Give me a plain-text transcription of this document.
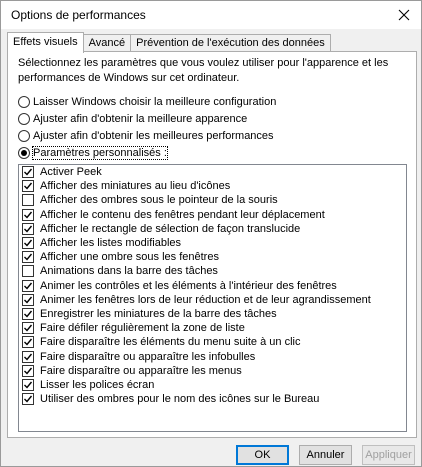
Options de performances
Effets visuels	Avancé	Prévention de l'exécution des données
Sélectionnez les paramètres que vous voulez utiliser pour l'apparence et les performances de Windows sur cet ordinateur.
Laisser Windows choisir la meilleure configuration
Ajuster afin d'obtenir la meilleure apparence
Ajuster afin d'obtenir les meilleures performances
Paramètres personnalisés :
Activer Peek
Afficher des miniatures au lieu d'icônes
Afficher des ombres sous le pointeur de la souris
Afficher le contenu des fenêtres pendant leur déplacement
Afficher le rectangle de sélection de façon translucide
Afficher les listes modifiables
Afficher une ombre sous les fenêtres
Animations dans la barre des tâches
Animer les contrôles et les éléments à l'intérieur des fenêtres
Animer les fenêtres lors de leur réduction et de leur agrandissement
Enregistrer les miniatures de la barre des tâches
Faire défiler régulièrement la zone de liste
Faire disparaître les éléments du menu suite à un clic
Faire disparaître ou apparaître les infobulles
Faire disparaître ou apparaître les menus
Lisser les polices écran
Utiliser des ombres pour le nom des icônes sur le Bureau
OK	Annuler	Appliquer
